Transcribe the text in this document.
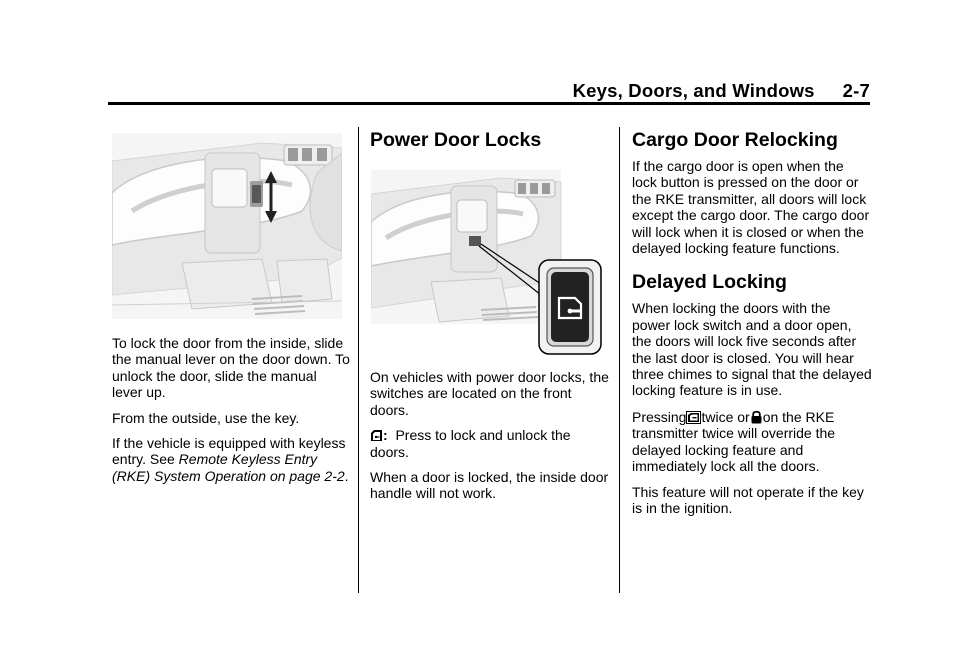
Keys, Doors, and Windows 2-7

To lock the door from the inside, slide the manual lever on the door down. To unlock the door, slide the manual lever up.

From the outside, use the key.

If the vehicle is equipped with keyless entry. See Remote Keyless Entry (RKE) System Operation on page 2-2.

Power Door Locks

On vehicles with power door locks, the switches are located on the front doors.

: Press to lock and unlock the doors.

When a door is locked, the inside door handle will not work.

Cargo Door Relocking

If the cargo door is open when the lock button is pressed on the door or the RKE transmitter, all doors will lock except the cargo door. The cargo door will lock when it is closed or when the delayed locking feature functions.

Delayed Locking

When locking the doors with the power lock switch and a door open, the doors will lock five seconds after the last door is closed. You will hear three chimes to signal that the delayed locking feature is in use.

Pressing twice or on the RKE transmitter twice will override the delayed locking feature and immediately lock all the doors.

This feature will not operate if the key is in the ignition.
